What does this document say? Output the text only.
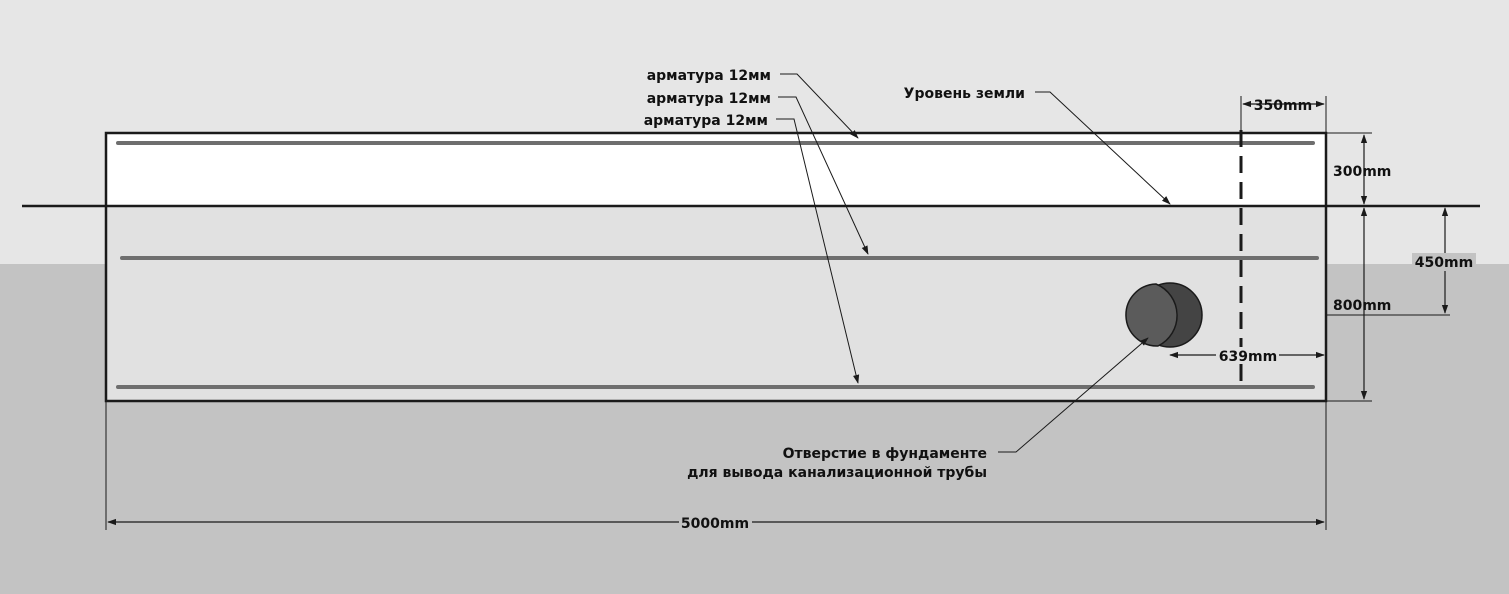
арматура 12мм
арматура 12мм
арматура 12мм
Уровень земли
Отверстие в фундаменте
для вывода канализационной трубы
350mm
300mm
450mm
800mm
639mm
5000mm
